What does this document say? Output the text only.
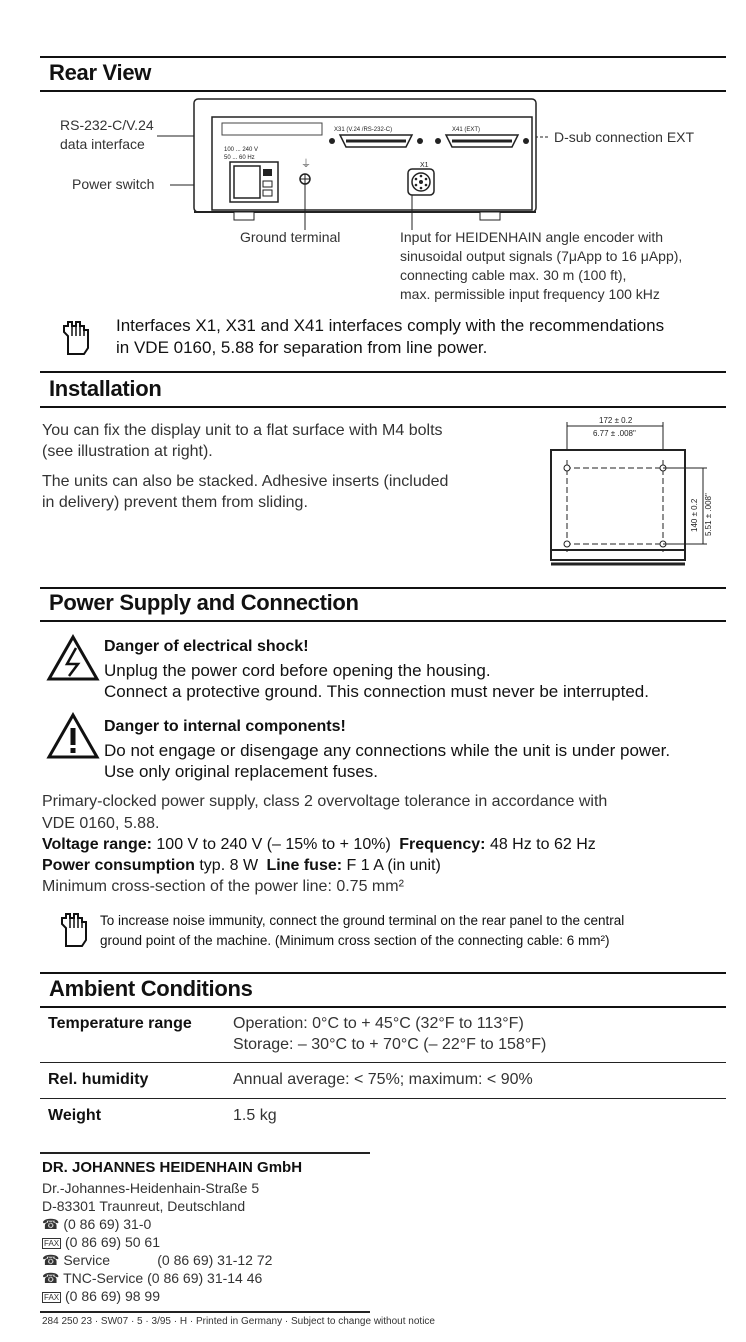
Rear View
RS-232-C/V.24
data interface
Power switch
D-sub connection EXT
X31 (V.24 /RS-232-C)	X41 (EXT)
100 ... 240 V
50 ... 60 Hz
⏚	X1
Ground terminal	Input for HEIDENHAIN angle encoder with
sinusoidal output signals (7μApp to 16 μApp),
connecting cable max. 30 m (100 ft),
max. permissible input frequency 100 kHz
Interfaces X1, X31 and X41 interfaces comply with the recommendations
in VDE 0160, 5.88 for separation from line power.
Installation
You can fix the display unit to a flat surface with M4 bolts
(see illustration at right).
The units can also be stacked. Adhesive inserts (included
in delivery) prevent them from sliding.
172 ± 0.2
6.77 ± .008"
140 ± 0.2 5.51 ± .008"
Power Supply and Connection
Danger of electrical shock!
Unplug the power cord before opening the housing.
Connect a protective ground. This connection must never be interrupted.
Danger to internal components!
Do not engage or disengage any connections while the unit is under power.
Use only original replacement fuses.
Primary-clocked power supply, class 2 overvoltage tolerance in accordance with
VDE 0160, 5.88.
Voltage range: 100 V to 240 V (– 15% to + 10%) Frequency: 48 Hz to 62 Hz
Power consumption typ. 8 W Line fuse: F 1 A (in unit)
Minimum cross-section of the power line: 0.75 mm²
To increase noise immunity, connect the ground terminal on the rear panel to the central
ground point of the machine. (Minimum cross section of the connecting cable: 6 mm²)
Ambient Conditions
Temperature range	Operation: 0°C to + 45°C (32°F to 113°F)
Storage: – 30°C to + 70°C (– 22°F to 158°F)
Rel. humidity	Annual average: < 75%; maximum: < 90%
Weight	1.5 kg
DR. JOHANNES HEIDENHAIN GmbH
Dr.-Johannes-Heidenhain-Straße 5
D-83301 Traunreut, Deutschland
☎ (0 86 69) 31-0
FAX (0 86 69) 50 61
☎ Service	(0 86 69) 31-12 72
☎ TNC-Service (0 86 69) 31-14 46
FAX (0 86 69) 98 99
284 250 23 · SW07 · 5 · 3/95 · H · Printed in Germany · Subject to change without notice
